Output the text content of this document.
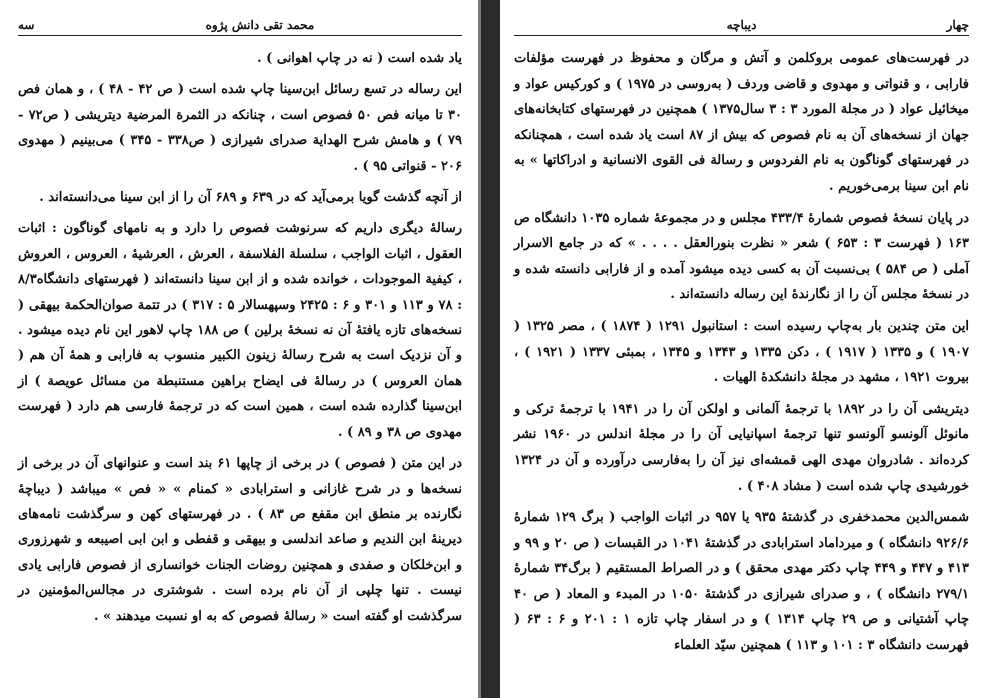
محمد تقی دانش پژوه
سه

یاد شده است ( نه در چاپ اهوانی ) .

این رساله در تسع رسائل ابن‌سینا چاپ شده است ( ص ۴۲ - ۴۸ ) ، و همان فص ۳۰ تا میانه فص ۵۰ فصوص است ، چنانکه در الثمرة المرضیة دیتریشی ( ص۷۲ - ۷۹ ) و هامش شرح الهدایة صدرای شیرازی ( ص۳۳۸ - ۳۴۵ ) می‌بینیم ( مهدوی ۲۰۶ - قنواتی ۹۵ ) .

از آنچه گذشت گویا برمی‌آید که در ۶۳۹ و ۶۸۹ آن را از ابن سینا می‌دانسته‌اند .

رسالهٔ دیگری داریم که سرنوشت فصوص را دارد و به نامهای گوناگون : اثبات العقول ، اثبات الواجب ، سلسلة الفلاسفة ، العرش ، العرشیهٔ ، العروس ، العروش ، کیفیة الموجودات ، خوانده شده و از ابن سینا دانسته‌اند ( فهرستهای دانشگاه۸/۳ : ۷۸ و ۱۱۳ و ۳۰۱ و ۶ : ۲۴۲۵ وسپهسالار ۵ : ۳۱۷ ) در تتمة صوان‌الحکمة بیهقی ( نسخه‌های تازه یافتهٔ آن نه نسخهٔ برلین ) ص ۱۸۸ چاپ لاهور این نام دیده میشود . و آن نزدیک است به شرح رسالهٔ زینون الکبیر منسوب به فارابی و همهٔ آن هم ( همان العروس ) در رسالهٔ فی ایضاح براهین مستنبطة من مسائل عویصة ) از ابن‌سینا گذارده شده است ، همین است که در ترجمهٔ فارسی هم دارد ( فهرست مهدوی ص ۳۸ و ۸۹ ) .

در این متن ( فصوص ) در برخی از چاپها ۶۱ بند است و عنوانهای آن در برخی از نسخه‌ها و در شرح غازانی و استرابادی « کمنام » « فص » میباشد ( دیباچهٔ نگارنده بر منطق ابن مقفع ص ۸۳ ) . در فهرستهای کهن و سرگذشت نامه‌های دیرینهٔ ابن الندیم و صاعد اندلسی و بیهقی و قفطی و ابن ابی اصیبعه و شهرزوری و ابن‌خلکان و صفدی و همچنین روضات الجنات خوانساری از فصوص فارابی یادی نیست . تنها چلپی از آن نام برده است . شوشتری در مجالس‌المؤمنین در سرگذشت او گفته است « رسالهٔ فصوص که به او نسبت میدهند » .

چهار
دیباچه

در فهرست‌های عمومی بروکلمن و آتش و مرگان و محفوظ در فهرست مؤلفات فارابی ، و قنواتی و مهدوی و قاضی وردف ( به‌روسی در ۱۹۷۵ ) و کورکیس عواد و میخائیل عواد ( در مجلة المورد ۳ : ۳ سال۱۳۷۵ ) همچنین در فهرستهای کتابخانه‌های جهان از نسخه‌های آن به نام فصوص که بیش از ۸۷ است یاد شده است ، همچنانکه در فهرستهای گوناگون به نام الفردوس و رسالة فی القوی الانسانیة و ادراکاتها » به نام ابن سینا برمی‌خوریم .

در پایان نسخهٔ فصوص شمارهٔ ۴۳۳/۴ مجلس و در مجموعهٔ شماره ۱۰۳۵ دانشگاه ص ۱۶۳ ( فهرست ۳ : ۶۵۳ ) شعر « نظرت بنورالعقل . . . . » که در جامع الاسرار آملی ( ص ۵۸۴ ) بی‌نسبت آن به کسی دیده میشود آمده و از فارابی دانسته شده و در نسخهٔ مجلس آن را از نگارندهٔ این رساله دانسته‌اند .

این متن چندین بار به‌چاپ رسیده است : استانبول ۱۲۹۱ ( ۱۸۷۴ ) ، مصر ۱۳۲۵ ( ۱۹۰۷ ) و ۱۳۳۵ ( ۱۹۱۷ ) ، دکن ۱۳۳۵ و ۱۳۴۳ و ۱۳۴۵ ، بمبئی ۱۳۳۷ ( ۱۹۲۱ ) ، بیروت ۱۹۲۱ ، مشهد در مجلهٔ دانشکدهٔ الهیات .

دیتریشی آن را در ۱۸۹۲ با ترجمهٔ آلمانی و اولکن آن را در ۱۹۴۱ با ترجمهٔ ترکی و مانوئل آلونسو آلونسو تنها ترجمهٔ اسپانیایی آن را در مجلهٔ اندلس در ۱۹۶۰ نشر کرده‌اند . شادروان مهدی الهی قمشه‌ای نیز آن را به‌فارسی درآورده و آن در ۱۳۲۴ خورشیدی چاپ شده است ( مشاد ۴۰۸ ) .

شمس‌الدین محمدخفری در گذشتهٔ ۹۳۵ یا ۹۵۷ در اثبات الواجب ( برگ ۱۲۹ شمارهٔ ۹۲۶/۶ دانشگاه ) و میرداماد استرابادی در گذشتهٔ ۱۰۴۱ در القبسات ( ص ۲۰ و ۹۹ و ۴۱۳ و ۴۴۷ و ۴۴۹ چاپ دکتر مهدی محقق ) و در الصراط المستقیم ( برگ۳۴ شمارهٔ ۲۷۹/۱ دانشگاه ) ، و صدرای شیرازی در گذشتهٔ ۱۰۵۰ در المبدء و المعاد ( ص ۴۰ چاپ آشتیانی و ص ۲۹ چاپ ۱۳۱۴ ) و در اسفار چاپ تازه ۱ : ۲۰۱ و ۶ : ۶۳ ( فهرست دانشگاه ۳ : ۱۰۱ و ۱۱۳ ) همچنین سیّد العلماء
